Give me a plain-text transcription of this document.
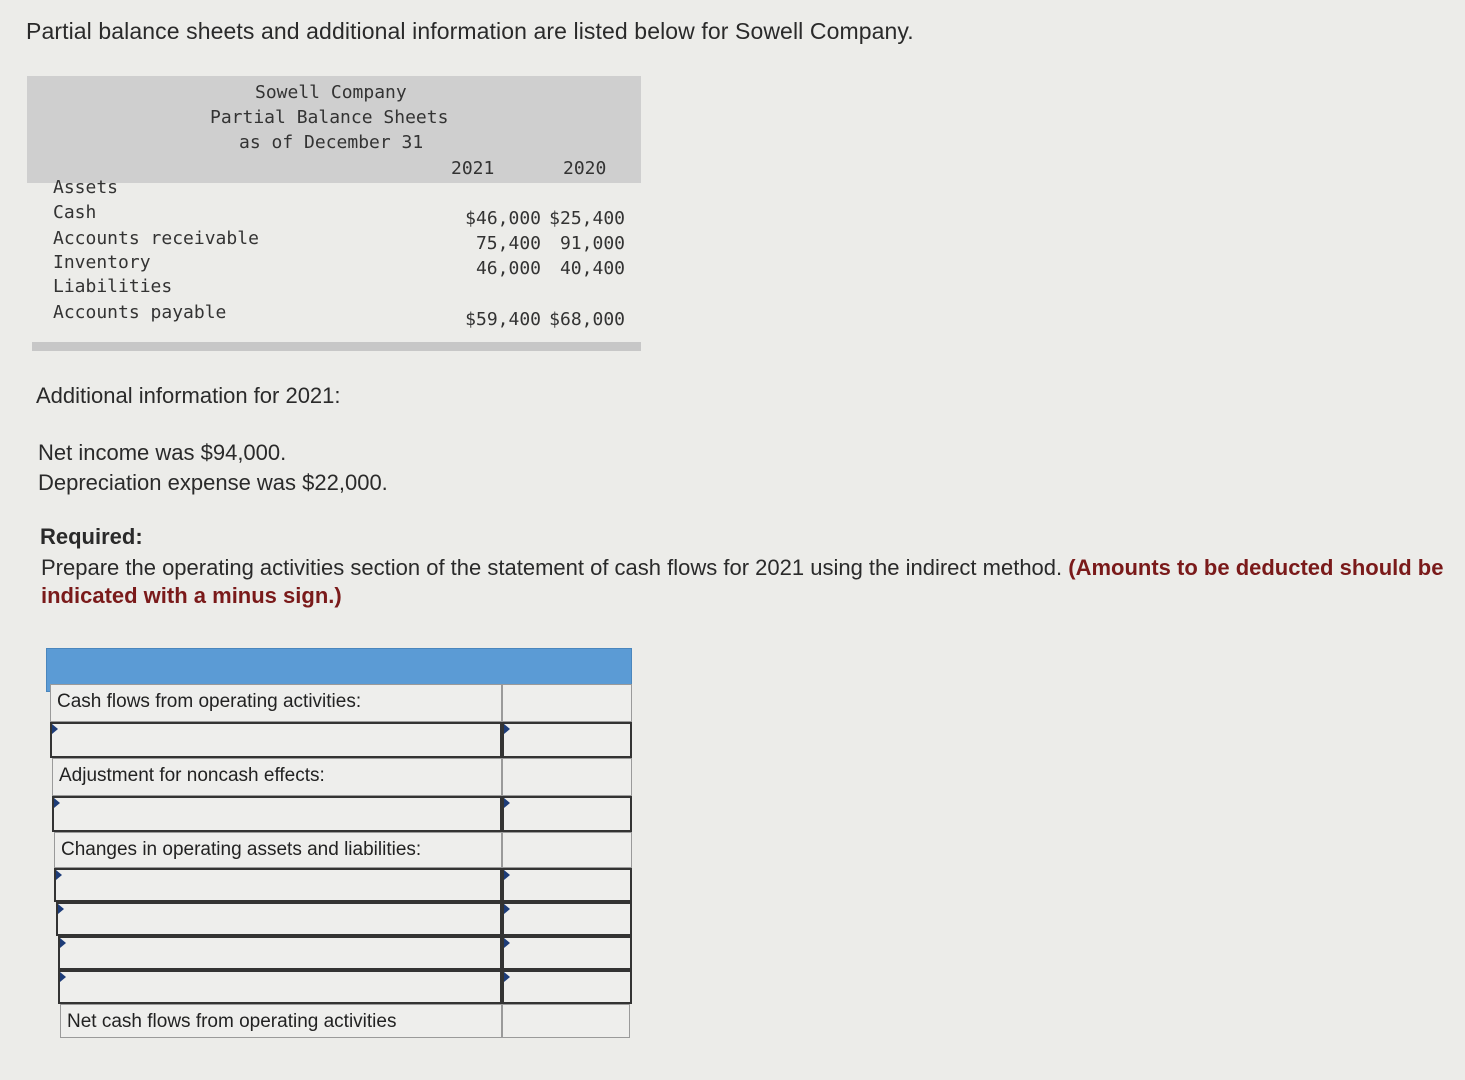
Partial balance sheets and additional information are listed below for Sowell Company.
Sowell Company
Partial Balance Sheets
as of December 31
2021	2020
Assets
Cash	$46,000 $25,400
Accounts receivable	75,400 91,000
Inventory	46,000 40,400
Liabilities
Accounts payable	$59,400 $68,000
Additional information for 2021:
Net income was $94,000.
Depreciation expense was $22,000.
Required:
Prepare the operating activities section of the statement of cash flows for 2021 using the indirect method. (Amounts to be deducted should be indicated with a minus sign.)
Cash flows from operating activities:
Adjustment for noncash effects:
Changes in operating assets and liabilities:
Net cash flows from operating activities
